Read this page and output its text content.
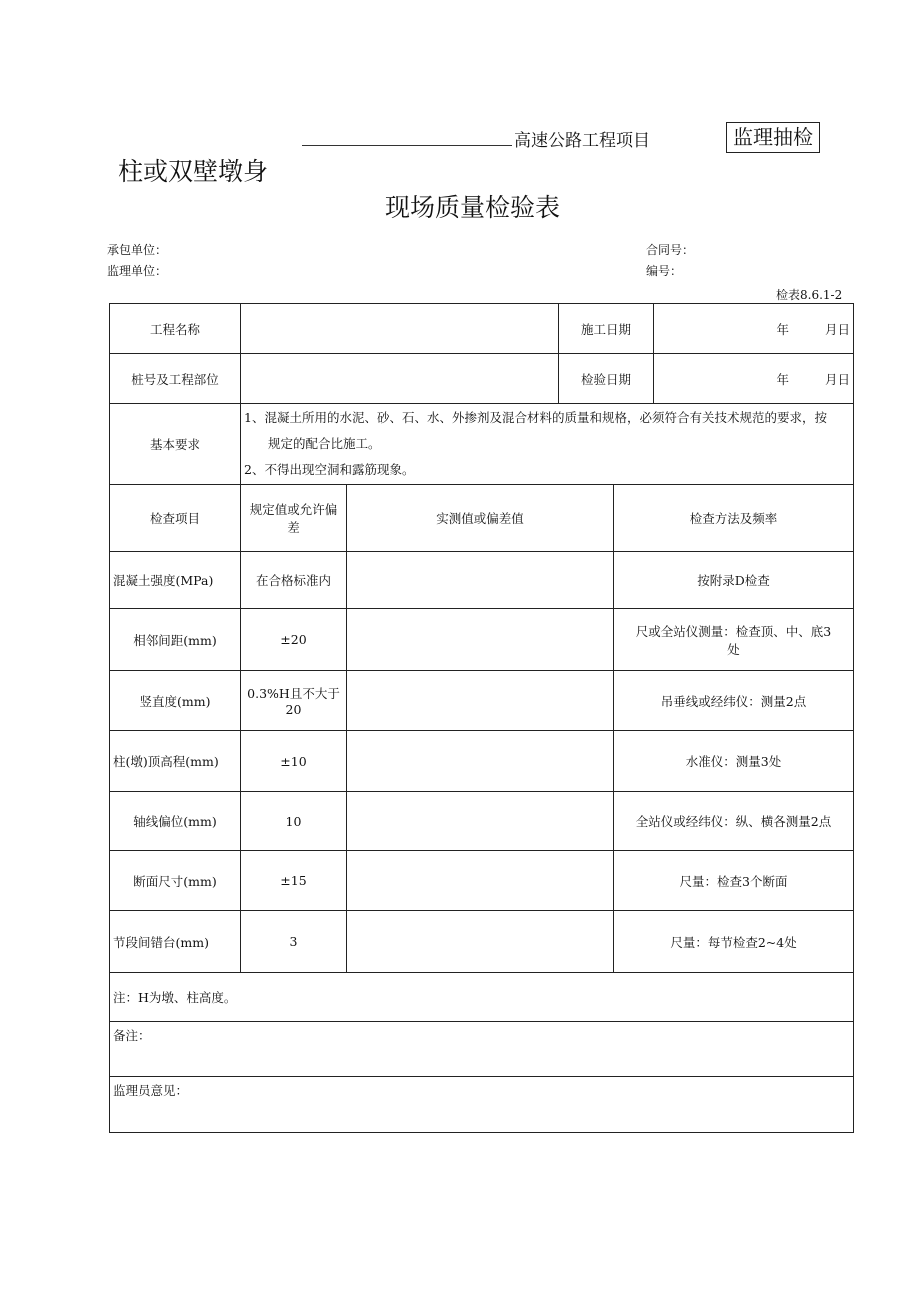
高速公路工程项目	监理抽检
柱或双壁墩身
现场质量检验表
承包单位：	合同号：
监理单位：	编号：
检表8.6.1-2
工程名称			施工日期		年 月日
桩号及工程部位			检验日期		年 月日
基本要求	1、混凝土所用的水泥、砂、石、水、外掺剂及混合材料的质量和规格，必须符合有关技术规范的要求，按

规定的配合比施工。

2、不得出现空洞和露筋现象。				

检查项目	规定值或允许偏
差	实测值或偏差值		检查方法及频率	
混凝土强度(MPa)	在合格标准内			按附录D检查	
相邻间距(mm)	±20			尺或全站仪测量：检查顶、中、底3
处	
竖直度(mm)	0.3%H且不大于
20			吊垂线或经纬仪：测量2点	
柱(墩)顶高程(mm)	±10			水准仪：测量3处	
轴线偏位(mm)	10			全站仪或经纬仪：纵、横各测量2点	
断面尺寸(mm)	±15			尺量：检查3个断面	
节段间错台(mm)	3			尺量：每节检查2~4处	
注：H为墩、柱高度。					
备注：					
监理员意见：					
